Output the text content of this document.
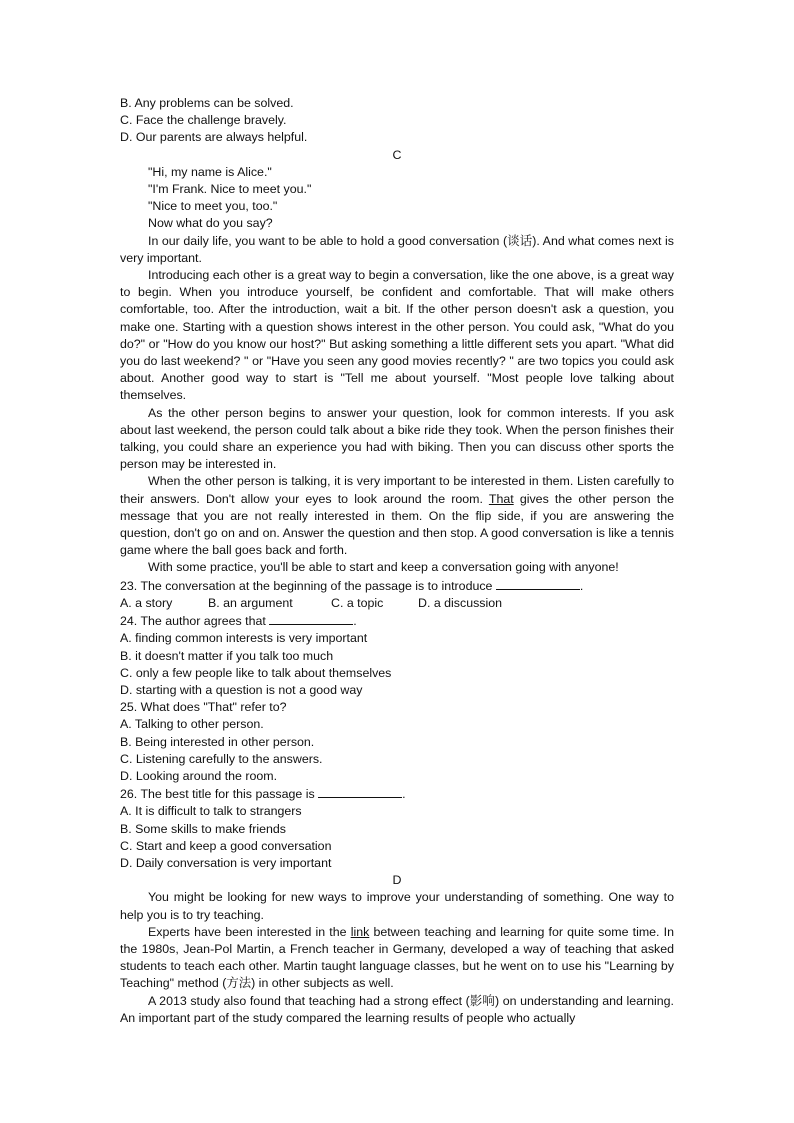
B. Any problems can be solved.
C. Face the challenge bravely.
D. Our parents are always helpful.
C
"Hi, my name is Alice."
"I'm Frank. Nice to meet you."
"Nice to meet you, too."
Now what do you say?
In our daily life, you want to be able to hold a good conversation (谈话). And what comes next is very important.
Introducing each other is a great way to begin a conversation, like the one above, is a great way to begin. When you introduce yourself, be confident and comfortable. That will make others comfortable, too. After the introduction, wait a bit. If the other person doesn't ask a question, you make one. Starting with a question shows interest in the other person. You could ask, "What do you do?" or "How do you know our host?" But asking something a little different sets you apart. "What did you do last weekend? " or "Have you seen any good movies recently? " are two topics you could ask about. Another good way to start is "Tell me about yourself. "Most people love talking about themselves.
As the other person begins to answer your question, look for common interests. If you ask about last weekend, the person could talk about a bike ride they took. When the person finishes their talking, you could share an experience you had with biking. Then you can discuss other sports the person may be interested in.
When the other person is talking, it is very important to be interested in them. Listen carefully to their answers. Don't allow your eyes to look around the room. That gives the other person the message that you are not really interested in them. On the flip side, if you are answering the question, don't go on and on. Answer the question and then stop. A good conversation is like a tennis game where the ball goes back and forth.
With some practice, you'll be able to start and keep a conversation going with anyone!
23. The conversation at the beginning of the passage is to introduce	.
A. a story	B. an argument	C. a topic	D. a discussion
24. The author agrees that	.
A. finding common interests is very important
B. it doesn't matter if you talk too much
C. only a few people like to talk about themselves
D. starting with a question is not a good way
25. What does "That" refer to?
A. Talking to other person.
B. Being interested in other person.
C. Listening carefully to the answers.
D. Looking around the room.
26. The best title for this passage is	.
A. It is difficult to talk to strangers
B. Some skills to make friends
C. Start and keep a good conversation
D. Daily conversation is very important
D
You might be looking for new ways to improve your understanding of something. One way to help you is to try teaching.
Experts have been interested in the link between teaching and learning for quite some time. In the 1980s, Jean-Pol Martin, a French teacher in Germany, developed a way of teaching that asked students to teach each other. Martin taught language classes, but he went on to use his "Learning by Teaching" method (方法) in other subjects as well.
A 2013 study also found that teaching had a strong effect (影响) on understanding and learning. An important part of the study compared the learning results of people who actually
